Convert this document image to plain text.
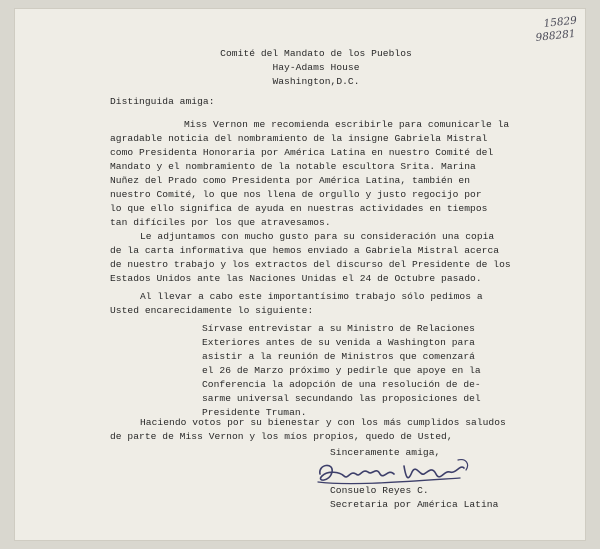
15829
988281
Comité del Mandato de los Pueblos
Hay-Adams House
Washington,D.C.
Distinguida amiga:
Miss Vernon me recomienda escribirle para comunicarle la
agradable noticia del nombramiento de la insigne Gabriela Mistral
como Presidenta Honoraria por América Latina en nuestro Comité del
Mandato y el nombramiento de la notable escultora Srita. Marina
Nuñez del Prado como Presidenta por América Latina, también en
nuestro Comité, lo que nos llena de orgullo y justo regocijo por
lo que ello significa de ayuda en nuestras actividades en tiempos
tan difíciles por los que atravesamos.
Le adjuntamos con mucho gusto para su consideración una copia
de la carta informativa que hemos enviado a Gabriela Mistral acerca
de nuestro trabajo y los extractos del discurso del Presidente de los
Estados Unidos ante las Naciones Unidas el 24 de Octubre pasado.
Al llevar a cabo este importantísimo trabajo sólo pedimos a
Usted encarecidamente lo siguiente:
Sírvase entrevistar a su Ministro de Relaciones
Exteriores antes de su venida a Washington para
asistir a la reunión de Ministros que comenzará
el 26 de Marzo próximo y pedirle que apoye en la
Conferencia la adopción de una resolución de de-
sarme universal secundando las proposiciones del
Presidente Truman.
Haciendo votos por su bienestar y con los más cumplidos saludos
de parte de Miss Vernon y los míos propios, quedo de Usted,
Sinceramente amiga,
Consuelo Reyes C.
Secretaria por América Latina
